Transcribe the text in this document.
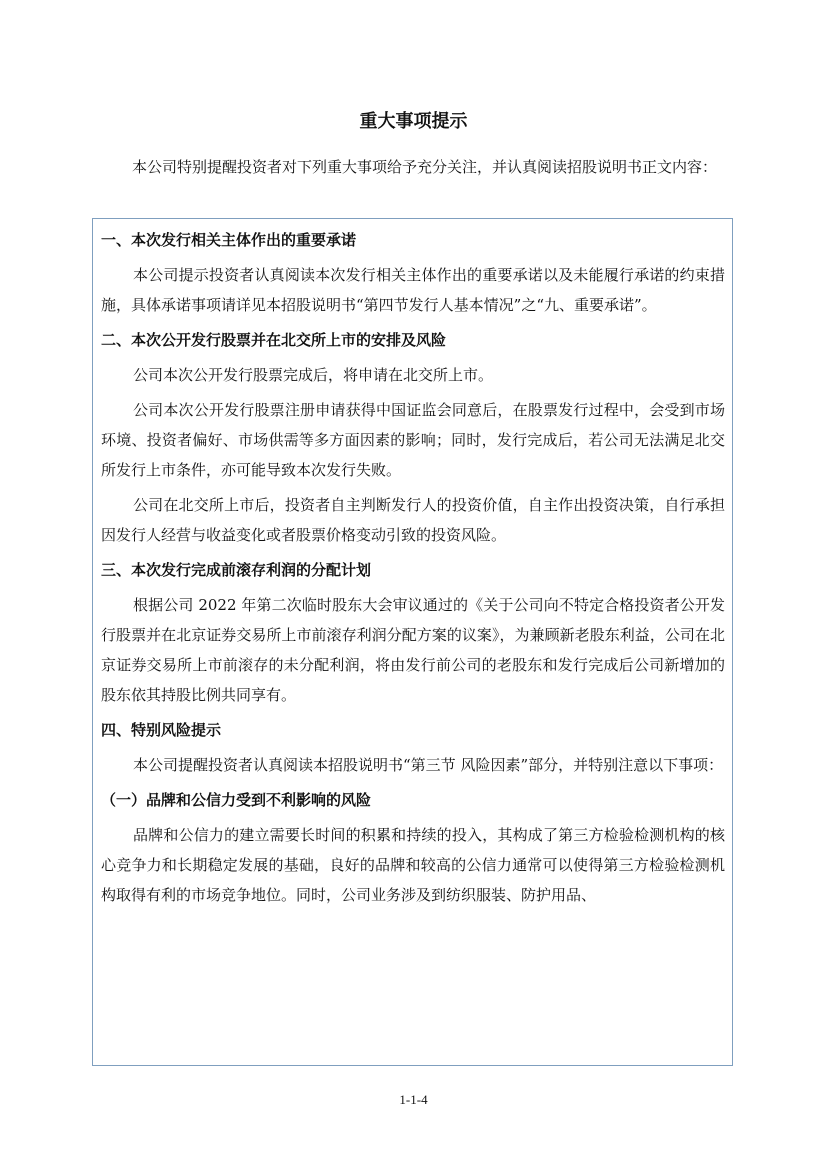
重大事项提示
本公司特别提醒投资者对下列重大事项给予充分关注，并认真阅读招股说明书正文内容：
一、本次发行相关主体作出的重要承诺
本公司提示投资者认真阅读本次发行相关主体作出的重要承诺以及未能履行承诺的约束措施，具体承诺事项请详见本招股说明书“第四节发行人基本情况”之“九、重要承诺”。
二、本次公开发行股票并在北交所上市的安排及风险
公司本次公开发行股票完成后，将申请在北交所上市。
公司本次公开发行股票注册申请获得中国证监会同意后，在股票发行过程中，会受到市场环境、投资者偏好、市场供需等多方面因素的影响；同时，发行完成后，若公司无法满足北交所发行上市条件，亦可能导致本次发行失败。
公司在北交所上市后，投资者自主判断发行人的投资价值，自主作出投资决策，自行承担因发行人经营与收益变化或者股票价格变动引致的投资风险。
三、本次发行完成前滚存利润的分配计划
根据公司 2022 年第二次临时股东大会审议通过的《关于公司向不特定合格投资者公开发行股票并在北京证券交易所上市前滚存利润分配方案的议案》，为兼顾新老股东利益，公司在北京证券交易所上市前滚存的未分配利润，将由发行前公司的老股东和发行完成后公司新增加的股东依其持股比例共同享有。
四、特别风险提示
本公司提醒投资者认真阅读本招股说明书“第三节 风险因素”部分，并特别注意以下事项：
（一）品牌和公信力受到不利影响的风险
品牌和公信力的建立需要长时间的积累和持续的投入，其构成了第三方检验检测机构的核心竞争力和长期稳定发展的基础，良好的品牌和较高的公信力通常可以使得第三方检验检测机构取得有利的市场竞争地位。同时，公司业务涉及到纺织服装、防护用品、
1-1-4
